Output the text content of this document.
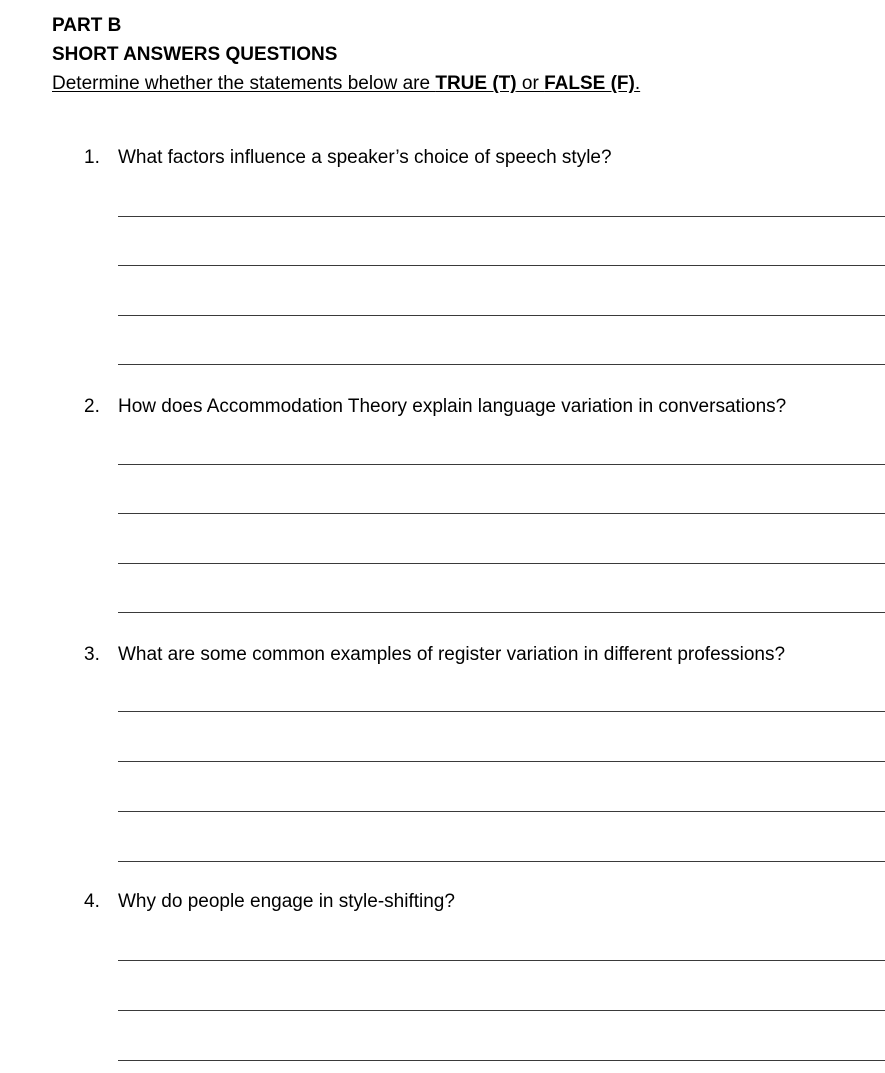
PART B
SHORT ANSWERS QUESTIONS
Determine whether the statements below are TRUE (T) or FALSE (F).
1. What factors influence a speaker’s choice of speech style?
2. How does Accommodation Theory explain language variation in conversations?
3. What are some common examples of register variation in different professions?
4. Why do people engage in style-shifting?
